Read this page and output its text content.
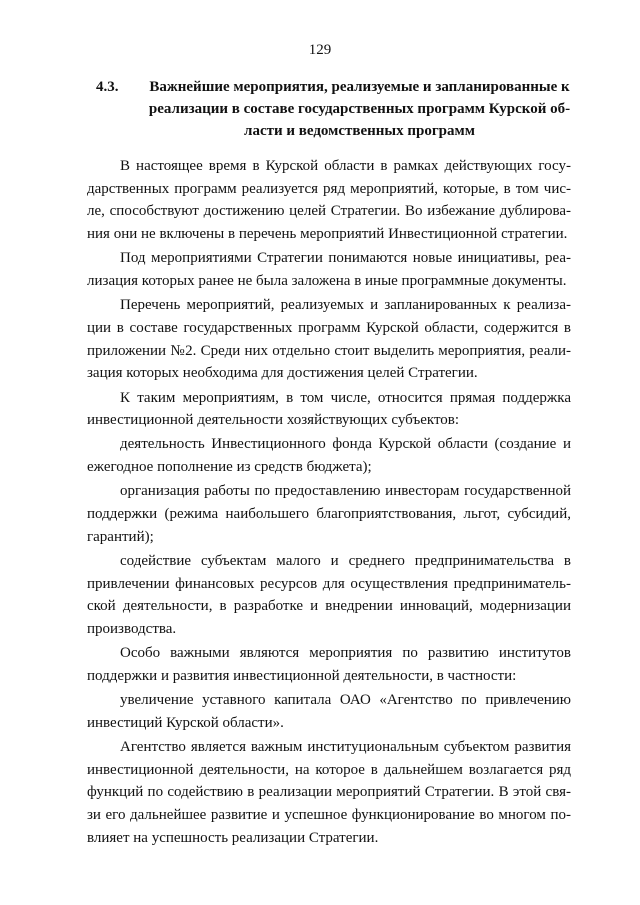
129
4.3.	Важнейшие мероприятия, реализуемые и запланированные к реализации в составе государственных программ Курской об-ласти и ведомственных программ

В настоящее время в Курской области в рамках действующих госу-дарственных программ реализуется ряд мероприятий, которые, в том чис-ле, способствуют достижению целей Стратегии. Во избежание дублирова-ния они не включены в перечень мероприятий Инвестиционной стратегии.

Под мероприятиями Стратегии понимаются новые инициативы, реа-лизация которых ранее не была заложена в иные программные документы.

Перечень мероприятий, реализуемых и запланированных к реализа-ции в составе государственных программ Курской области, содержится в приложении №2. Среди них отдельно стоит выделить мероприятия, реали-зация которых необходима для достижения целей Стратегии.

К таким мероприятиям, в том числе, относится прямая поддержка инвестиционной деятельности хозяйствующих субъектов:

деятельность Инвестиционного фонда Курской области (создание и ежегодное пополнение из средств бюджета);

организация работы по предоставлению инвесторам государственной поддержки (режима наибольшего благоприятствования, льгот, субсидий, гарантий);

содействие субъектам малого и среднего предпринимательства в привлечении финансовых ресурсов для осуществления предприниматель-ской деятельности, в разработке и внедрении инноваций, модернизации производства.

Особо важными являются мероприятия по развитию институтов поддержки и развития инвестиционной деятельности, в частности:

увеличение уставного капитала ОАО «Агентство по привлечению инвестиций Курской области».

Агентство является важным институциональным субъектом развития инвестиционной деятельности, на которое в дальнейшем возлагается ряд функций по содействию в реализации мероприятий Стратегии. В этой свя-зи его дальнейшее развитие и успешное функционирование во многом по-влияет на успешность реализации Стратегии.
